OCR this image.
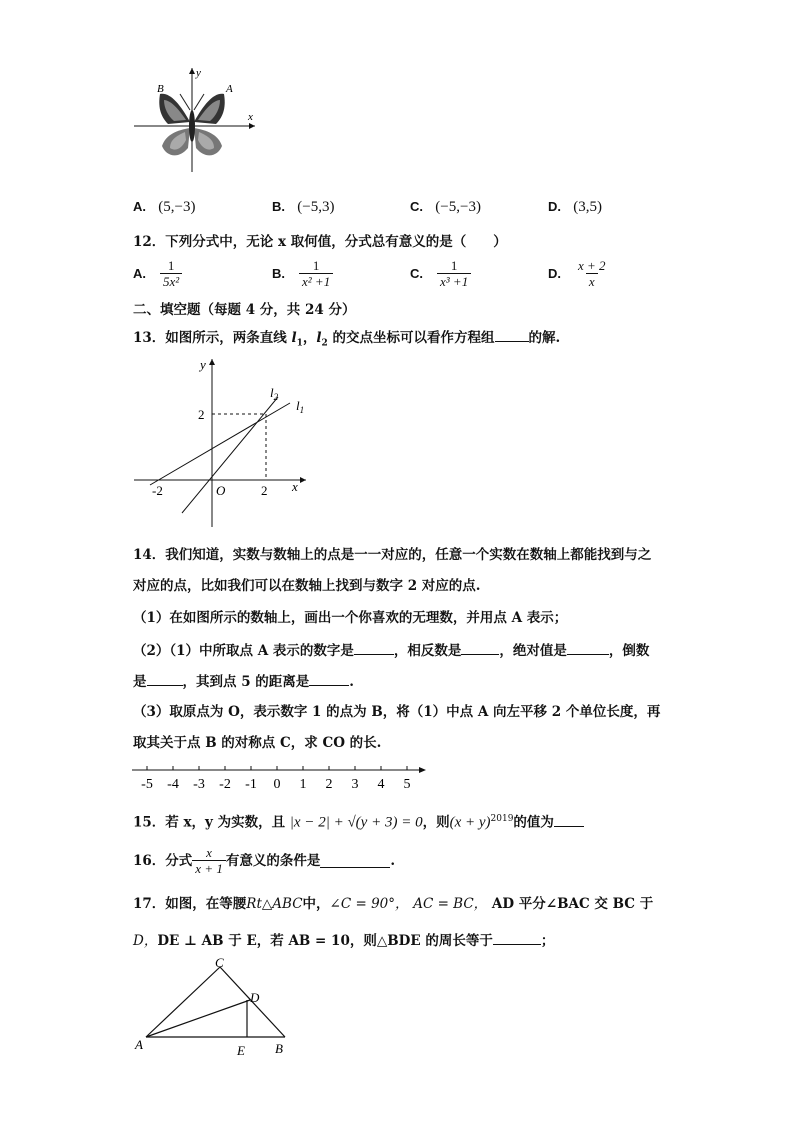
B	A
y
x
A. (5,−3)	B. (−5,3)	C. (−5,−3)	D. (3,5)
12．下列分式中，无论 x 取何值，分式总有意义的是（　　）
A. $\frac{1}{\text{5x²}}$	B. $\frac{1}{\text{x² +1}}$	C. $\frac{1}{\text{x³ +1}}$	D. $\frac{x + 2}{x}$
二、填空题（每题 4 分，共 24 分）
13．如图所示，两条直线 $l_1$，$l_2$ 的交点坐标可以看作方程组	的解.
y
x
O
2
2
-2
$l_2$
$l_1$
14．我们知道，实数与数轴上的点是一一对应的，任意一个实数在数轴上都能找到与之
对应的点，比如我们可以在数轴上找到与数字 2 对应的点.
（1）在如图所示的数轴上，画出一个你喜欢的无理数，并用点 A 表示；
（2）（1）中所取点 A 表示的数字是	，相反数是	，绝对值是	，倒数
是	，其到点 5 的距离是	.
（3）取原点为 O，表示数字 1 的点为 B，将（1）中点 A 向左平移 2 个单位长度，再
取其关于点 B 的对称点 C，求 CO 的长.
-5 -4 -3 -2 -1 0 1 2 3 4 5
15．若 x，y 为实数，且 |x − 2| + √(y + 3) = 0，则$(x + y)^{2019}$的值为
16．分式 $\frac{x}{x + 1}$ 有意义的条件是	.
17．如图，在等腰Rt△ABC中，∠C = 90°， AC = BC， AD 平分∠BAC 交 BC 于
D，DE ⊥ AB 于 E，若 AB = 10，则△BDE 的周长等于	；
C
D
A	E B
